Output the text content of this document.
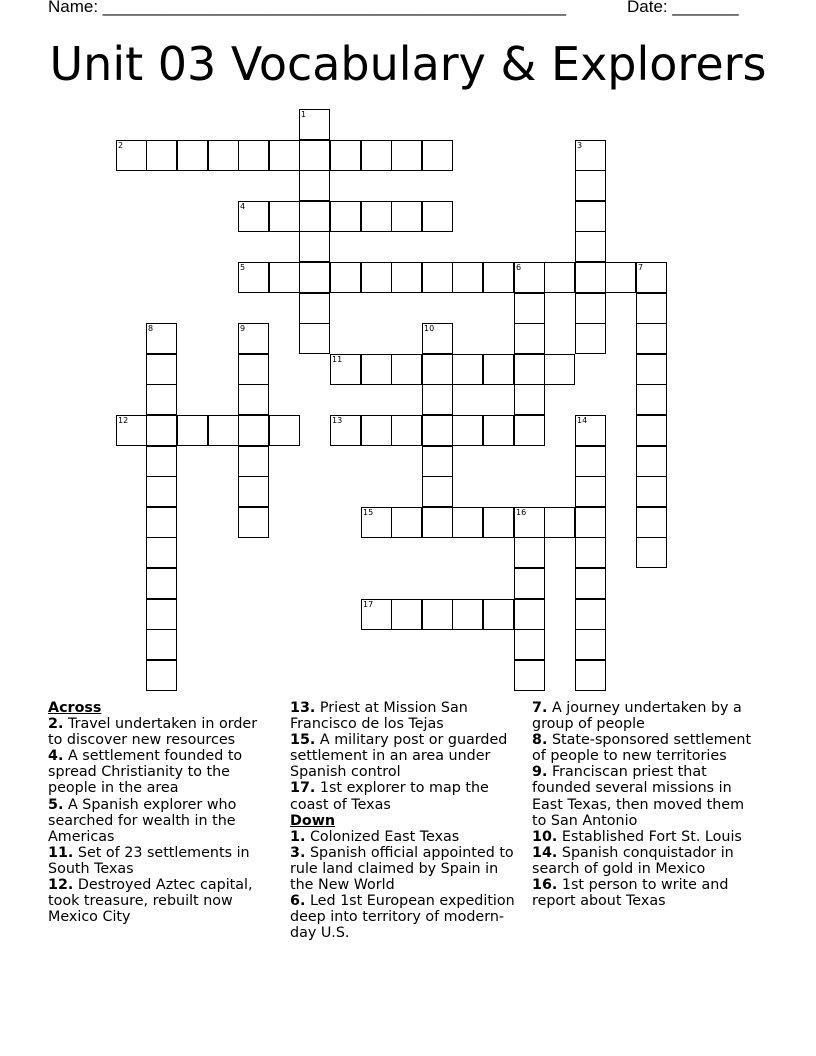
Name: _________________________________________________	Date: _______
Unit 03 Vocabulary & Explorers
1
2	3
4
5	6	7
8	9	10
11
12	13	14
15	16
17
Across
2. Travel undertaken in order to discover new resources
4. A settlement founded to spread Christianity to the people in the area
5. A Spanish explorer who searched for wealth in the Americas
11. Set of 23 settlements in South Texas
12. Destroyed Aztec capital, took treasure, rebuilt now Mexico City
13. Priest at Mission San Francisco de los Tejas
15. A military post or guarded settlement in an area under Spanish control
17. 1st explorer to map the coast of Texas
Down
1. Colonized East Texas
3. Spanish official appointed to rule land claimed by Spain in the New World
6. Led 1st European expedition deep into territory of modern-day U.S.
7. A journey undertaken by a group of people
8. State-sponsored settlement of people to new territories
9. Franciscan priest that founded several missions in East Texas, then moved them to San Antonio
10. Established Fort St. Louis
14. Spanish conquistador in search of gold in Mexico
16. 1st person to write and report about Texas
